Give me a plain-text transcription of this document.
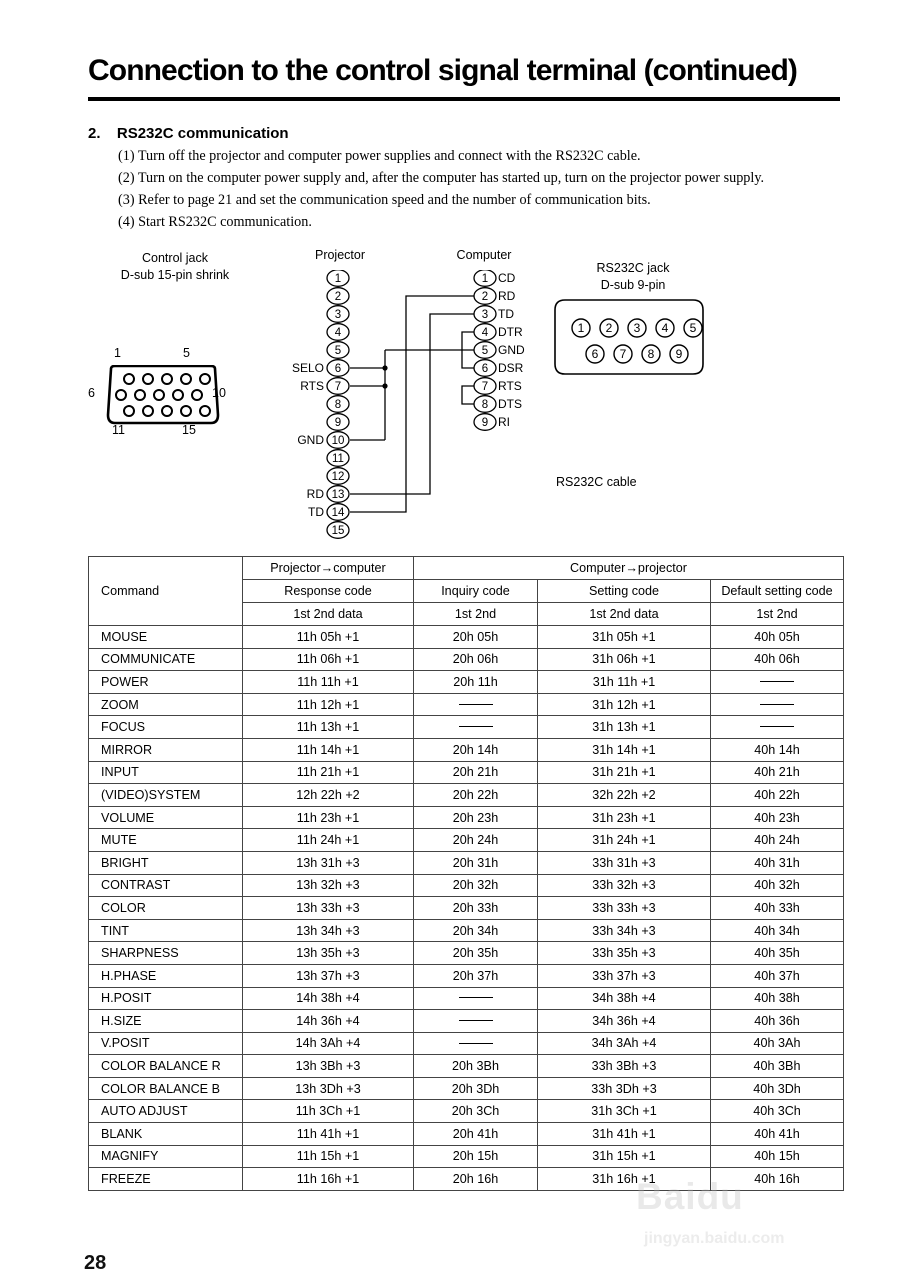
Connection to the control signal terminal (continued)
2. RS232C communication
(1) Turn off the projector and computer power supplies and connect with the RS232C cable.
(2) Turn on the computer power supply and, after the computer has started up, turn on the projector power supply.
(3) Refer to page 21 and set the communication speed and the number of communication bits.
(4) Start RS232C communication.
Control jack
D-sub 15-pin shrink
1	5
6	10
11	15
RS232C jack
D-sub 9-pin
1 2 3 4 5
6 7 8 9
RS232C cable
Projector	Computer
1
2
3
4
5
6
7
8
9
10
11
12
13
14
15
SELO
RTS
GND
RD
TD
1
2
3
4
5
6
7
8
9
CD
RD
TD
DTR
GND
DSR
RTS
DTS
RI
Command	Projector→computer	Computer→projector		
	Response code	Inquiry code	Setting code	Default setting code
	1st 2nd data	1st 2nd	1st 2nd data	1st 2nd
MOUSE	11h 05h +1	20h 05h	31h 05h +1	40h 05h
COMMUNICATE	11h 06h +1	20h 06h	31h 06h +1	40h 06h
POWER	11h 11h +1	20h 11h	31h 11h +1	
ZOOM	11h 12h +1		31h 12h +1	
FOCUS	11h 13h +1		31h 13h +1	
MIRROR	11h 14h +1	20h 14h	31h 14h +1	40h 14h
INPUT	11h 21h +1	20h 21h	31h 21h +1	40h 21h
(VIDEO)SYSTEM	12h 22h +2	20h 22h	32h 22h +2	40h 22h
VOLUME	11h 23h +1	20h 23h	31h 23h +1	40h 23h
MUTE	11h 24h +1	20h 24h	31h 24h +1	40h 24h
BRIGHT	13h 31h +3	20h 31h	33h 31h +3	40h 31h
CONTRAST	13h 32h +3	20h 32h	33h 32h +3	40h 32h
COLOR	13h 33h +3	20h 33h	33h 33h +3	40h 33h
TINT	13h 34h +3	20h 34h	33h 34h +3	40h 34h
SHARPNESS	13h 35h +3	20h 35h	33h 35h +3	40h 35h
H.PHASE	13h 37h +3	20h 37h	33h 37h +3	40h 37h
H.POSIT	14h 38h +4		34h 38h +4	40h 38h
H.SIZE	14h 36h +4		34h 36h +4	40h 36h
V.POSIT	14h 3Ah +4		34h 3Ah +4	40h 3Ah
COLOR BALANCE R	13h 3Bh +3	20h 3Bh	33h 3Bh +3	40h 3Bh
COLOR BALANCE B	13h 3Dh +3	20h 3Dh	33h 3Dh +3	40h 3Dh
AUTO ADJUST	11h 3Ch +1	20h 3Ch	31h 3Ch +1	40h 3Ch
BLANK	11h 41h +1	20h 41h	31h 41h +1	40h 41h
MAGNIFY	11h 15h +1	20h 15h	31h 15h +1	40h 15h
FREEZE	11h 16h +1	20h 16h	31h 16h +1	40h 16h
28
Baidu
jingyan.baidu.com
